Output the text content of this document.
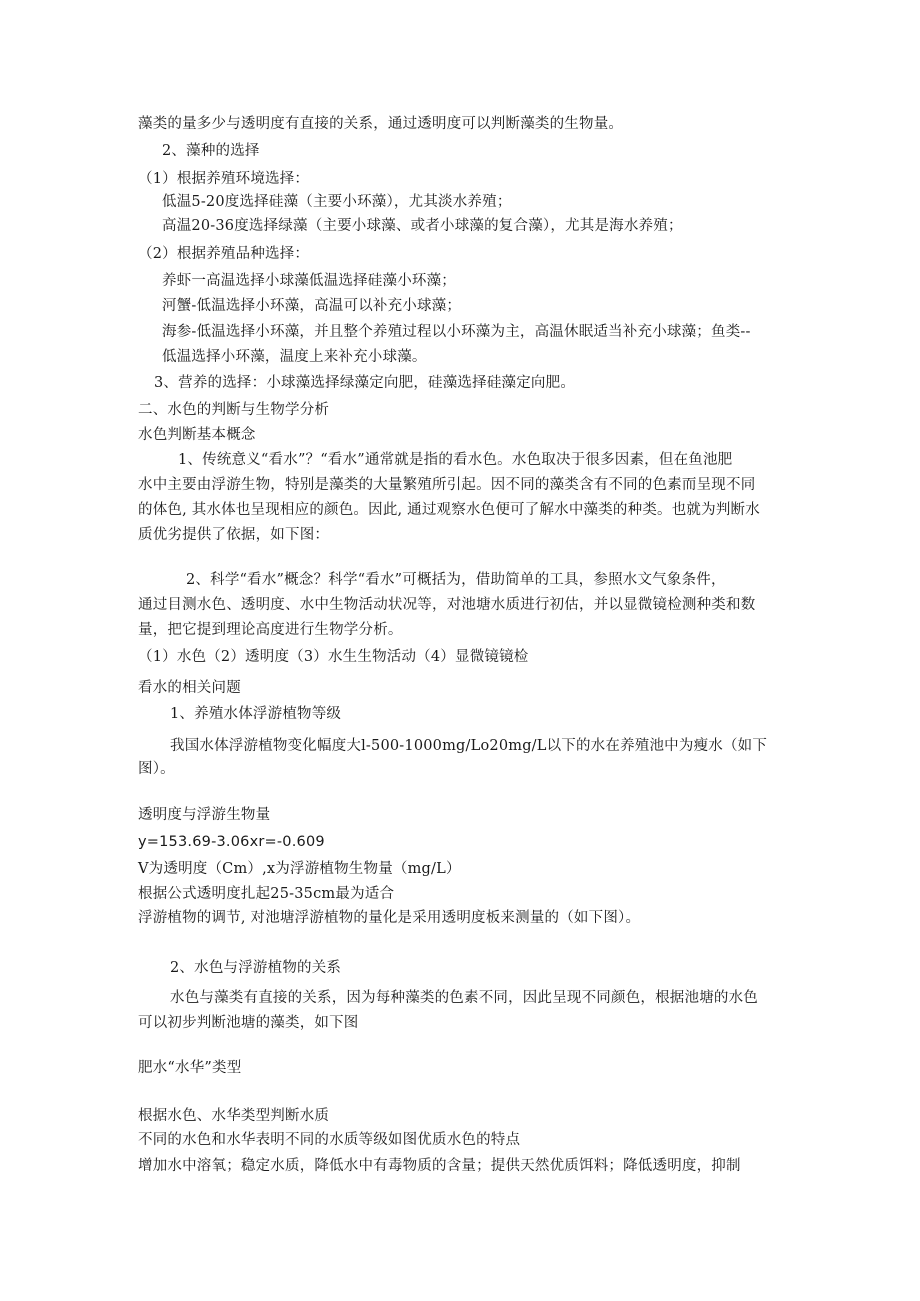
藻类的量多少与透明度有直接的关系，通过透明度可以判断藻类的生物量。
2、藻种的选择
（1）根据养殖环境选择：
低温5-20度选择硅藻（主要小环藻），尤其淡水养殖；
高温20-36度选择绿藻（主要小球藻、或者小球藻的复合藻），尤其是海水养殖；
（2）根据养殖品种选择：
养虾一高温选择小球藻低温选择硅藻小环藻；
河蟹-低温选择小环藻，高温可以补充小球藻；
海参-低温选择小环藻，并且整个养殖过程以小环藻为主，高温休眠适当补充小球藻；鱼类--
低温选择小环藻，温度上来补充小球藻。
3、营养的选择：小球藻选择绿藻定向肥，硅藻选择硅藻定向肥。
二、水色的判断与生物学分析
水色判断基本概念
1、传统意义“看水”？“看水”通常就是指的看水色。水色取决于很多因素，但在鱼池肥
水中主要由浮游生物，特别是藻类的大量繁殖所引起。因不同的藻类含有不同的色素而呈现不同
的体色, 其水体也呈现相应的颜色。因此, 通过观察水色便可了解水中藻类的种类。也就为判断水
质优劣提供了依据，如下图：
2、科学“看水”概念？科学“看水”可概括为，借助简单的工具，参照水文气象条件，
通过目测水色、透明度、水中生物活动状况等，对池塘水质进行初估，并以显微镜检测种类和数
量，把它提到理论高度进行生物学分析。
（1）水色（2）透明度（3）水生生物活动（4）显微镜镜检
看水的相关问题
1、养殖水体浮游植物等级
我国水体浮游植物变化幅度大l-500-1000mg/Lo20mg/L以下的水在养殖池中为瘦水（如下
图）。
透明度与浮游生物量
y=153.69-3.06xr=-0.609
V为透明度（Cm）,x为浮游植物生物量（mg/L）
根据公式透明度扎起25-35cm最为适合
浮游植物的调节, 对池塘浮游植物的量化是采用透明度板来测量的（如下图）。
2、水色与浮游植物的关系
水色与藻类有直接的关系，因为每种藻类的色素不同，因此呈现不同颜色，根据池塘的水色
可以初步判断池塘的藻类，如下图
肥水“水华”类型
根据水色、水华类型判断水质
不同的水色和水华表明不同的水质等级如图优质水色的特点
增加水中溶氧；稳定水质，降低水中有毒物质的含量；提供天然优质饵料；降低透明度，抑制
